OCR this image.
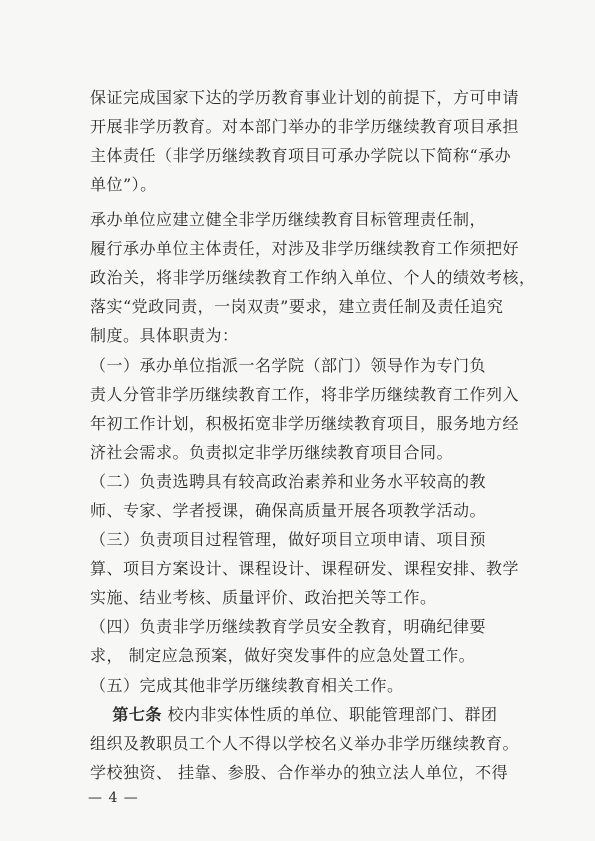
保证完成国家下达的学历教育事业计划的前提下，方可申请
开展非学历教育。对本部门举办的非学历继续教育项目承担
主体责任（非学历继续教育项目可承办学院以下简称“承办
单位”）。
承办单位应建立健全非学历继续教育目标管理责任制，
履行承办单位主体责任，对涉及非学历继续教育工作须把好
政治关，将非学历继续教育工作纳入单位、个人的绩效考核，
落实“党政同责，一岗双责”要求，建立责任制及责任追究
制度。具体职责为：
（一）承办单位指派一名学院（部门）领导作为专门负
责人分管非学历继续教育工作，将非学历继续教育工作列入
年初工作计划，积极拓宽非学历继续教育项目，服务地方经
济社会需求。负责拟定非学历继续教育项目合同。
（二）负责选聘具有较高政治素养和业务水平较高的教
师、专家、学者授课，确保高质量开展各项教学活动。
（三）负责项目过程管理，做好项目立项申请、项目预
算、项目方案设计、课程设计、课程研发、课程安排、教学
实施、结业考核、质量评价、政治把关等工作。
（四）负责非学历继续教育学员安全教育，明确纪律要
求， 制定应急预案，做好突发事件的应急处置工作。
（五）完成其他非学历继续教育相关工作。
第七条 校内非实体性质的单位、职能管理部门、群团
组织及教职员工个人不得以学校名义举办非学历继续教育。
学校独资、 挂靠、参股、合作举办的独立法人单位，不得
— 4 —
